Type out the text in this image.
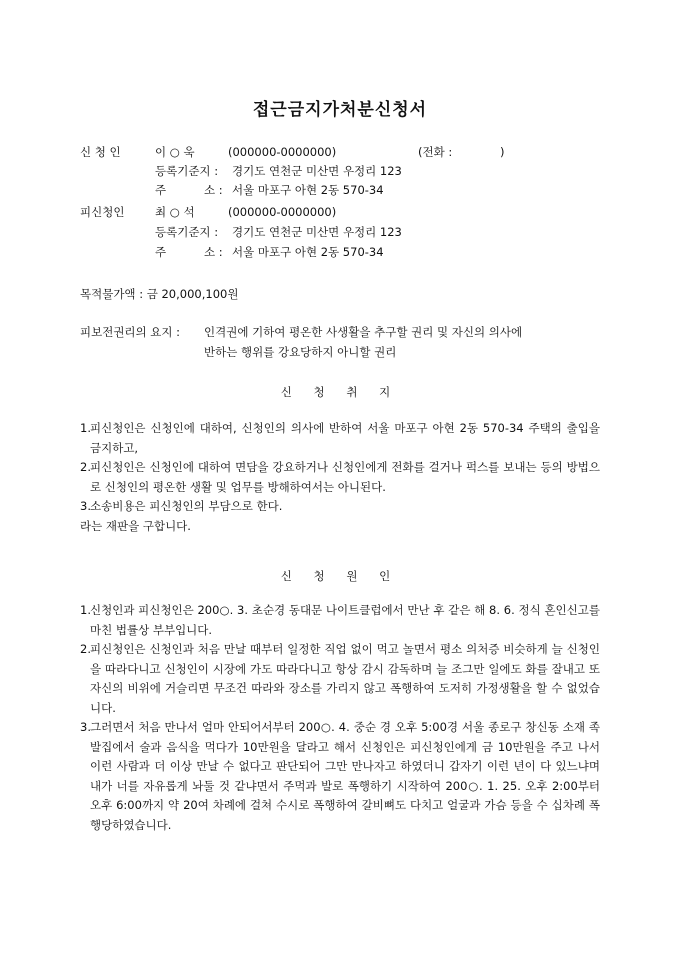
접근금지가처분신청서
신 청 인	이 ○ 욱	(000000-0000000)	(전화 :	)
등록기준지 : 경기도 연천군 미산면 우정리 123
주	소 : 서울 마포구 아현 2동 570-34
피신청인	최 ○ 석	(000000-0000000)
등록기준지 : 경기도 연천군 미산면 우정리 123
주	소 : 서울 마포구 아현 2동 570-34
목적물가액 : 금 20,000,100원
피보전권리의 요지 : 인격권에 기하여 평온한 사생활을 추구할 권리 및 자신의 의사에
반하는 행위를 강요당하지 아니할 권리
신 청 취 지
1. 피신청인은 신청인에 대하여, 신청인의 의사에 반하여 서울 마포구 아현 2동 570-34 주택의 출입을 금지하고,
2. 피신청인은 신청인에 대하여 면담을 강요하거나 신청인에게 전화를 걸거나 퍽스를 보내는 등의 방법으로 신청인의 평온한 생활 및 업무를 방해하여서는 아니된다.
3. 소송비용은 피신청인의 부담으로 한다.
라는 재판을 구합니다.
신 청 원 인
1. 신청인과 피신청인은 200○. 3. 초순경 동대문 나이트클럽에서 만난 후 같은 해 8. 6. 정식 혼인신고를 마친 법률상 부부입니다.
2. 피신청인은 신청인과 처음 만날 때부터 일정한 직업 없이 먹고 놀면서 평소 의처증 비슷하게 늘 신청인을 따라다니고 신청인이 시장에 가도 따라다니고 항상 감시 감독하며 늘 조그만 일에도 화를 잘내고 또 자신의 비위에 거슬리면 무조건 따라와 장소를 가리지 않고 폭행하여 도저히 가정생활을 할 수 없었습니다.
3. 그러면서 처음 만나서 얼마 안되어서부터 200○. 4. 중순 경 오후 5:00경 서울 종로구 창신동 소재 족발집에서 술과 음식을 먹다가 10만원을 달라고 해서 신청인은 피신청인에게 금 10만원을 주고 나서 이런 사람과 더 이상 만날 수 없다고 판단되어 그만 만나자고 하였더니 갑자기 이런 년이 다 있느냐며 내가 너를 자유롭게 놔둘 것 같냐면서 주먹과 발로 폭행하기 시작하여 200○. 1. 25. 오후 2:00부터 오후 6:00까지 약 20여 차례에 걸쳐 수시로 폭행하여 갈비뼈도 다치고 얼굴과 가슴 등을 수 십차례 폭행당하였습니다.
